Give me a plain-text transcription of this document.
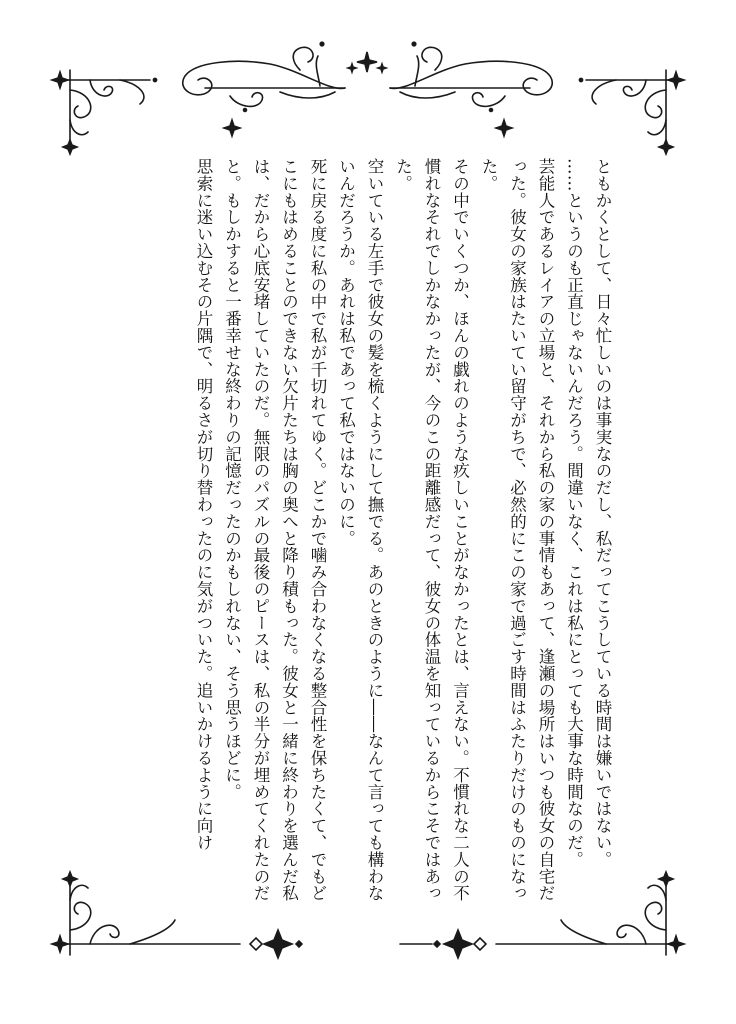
ともかくとして、日々忙しいのは事実なのだし、私だってこうしている時間は嫌いではない。

……というのも正直じゃないんだろう。間違いなく、これは私にとっても大事な時間なのだ。

芸能人であるレイアの立場と、それから私の家の事情もあって、逢瀬の場所はいつも彼女の自宅だった。彼女の家族はたいてい留守がちで、必然的にこの家で過ごす時間はふたりだけのものになった。

その中でいくつか、ほんの戯れのような疚しいことがなかったとは、言えない。不慣れな二人の不慣れなそれでしかなかったが、今のこの距離感だって、彼女の体温を知っているからこそではあった。

空いている左手で彼女の髪を梳くようにして撫でる。あのときのように――なんて言っても構わないんだろうか。あれは私であって私ではないのに。

死に戻る度に私の中で私が千切れてゆく。どこかで噛み合わなくなる整合性を保ちたくて、でもどこにもはめることのできない欠片たちは胸の奥へと降り積もった。彼女と一緒に終わりを選んだ私は、だから心底安堵していたのだ。無限のパズルの最後のピースは、私の半分が埋めてくれたのだと。もしかすると一番幸せな終わりの記憶だったのかもしれない、そう思うほどに。

思索に迷い込むその片隅で、明るさが切り替わったのに気がついた。追いかけるように向け
